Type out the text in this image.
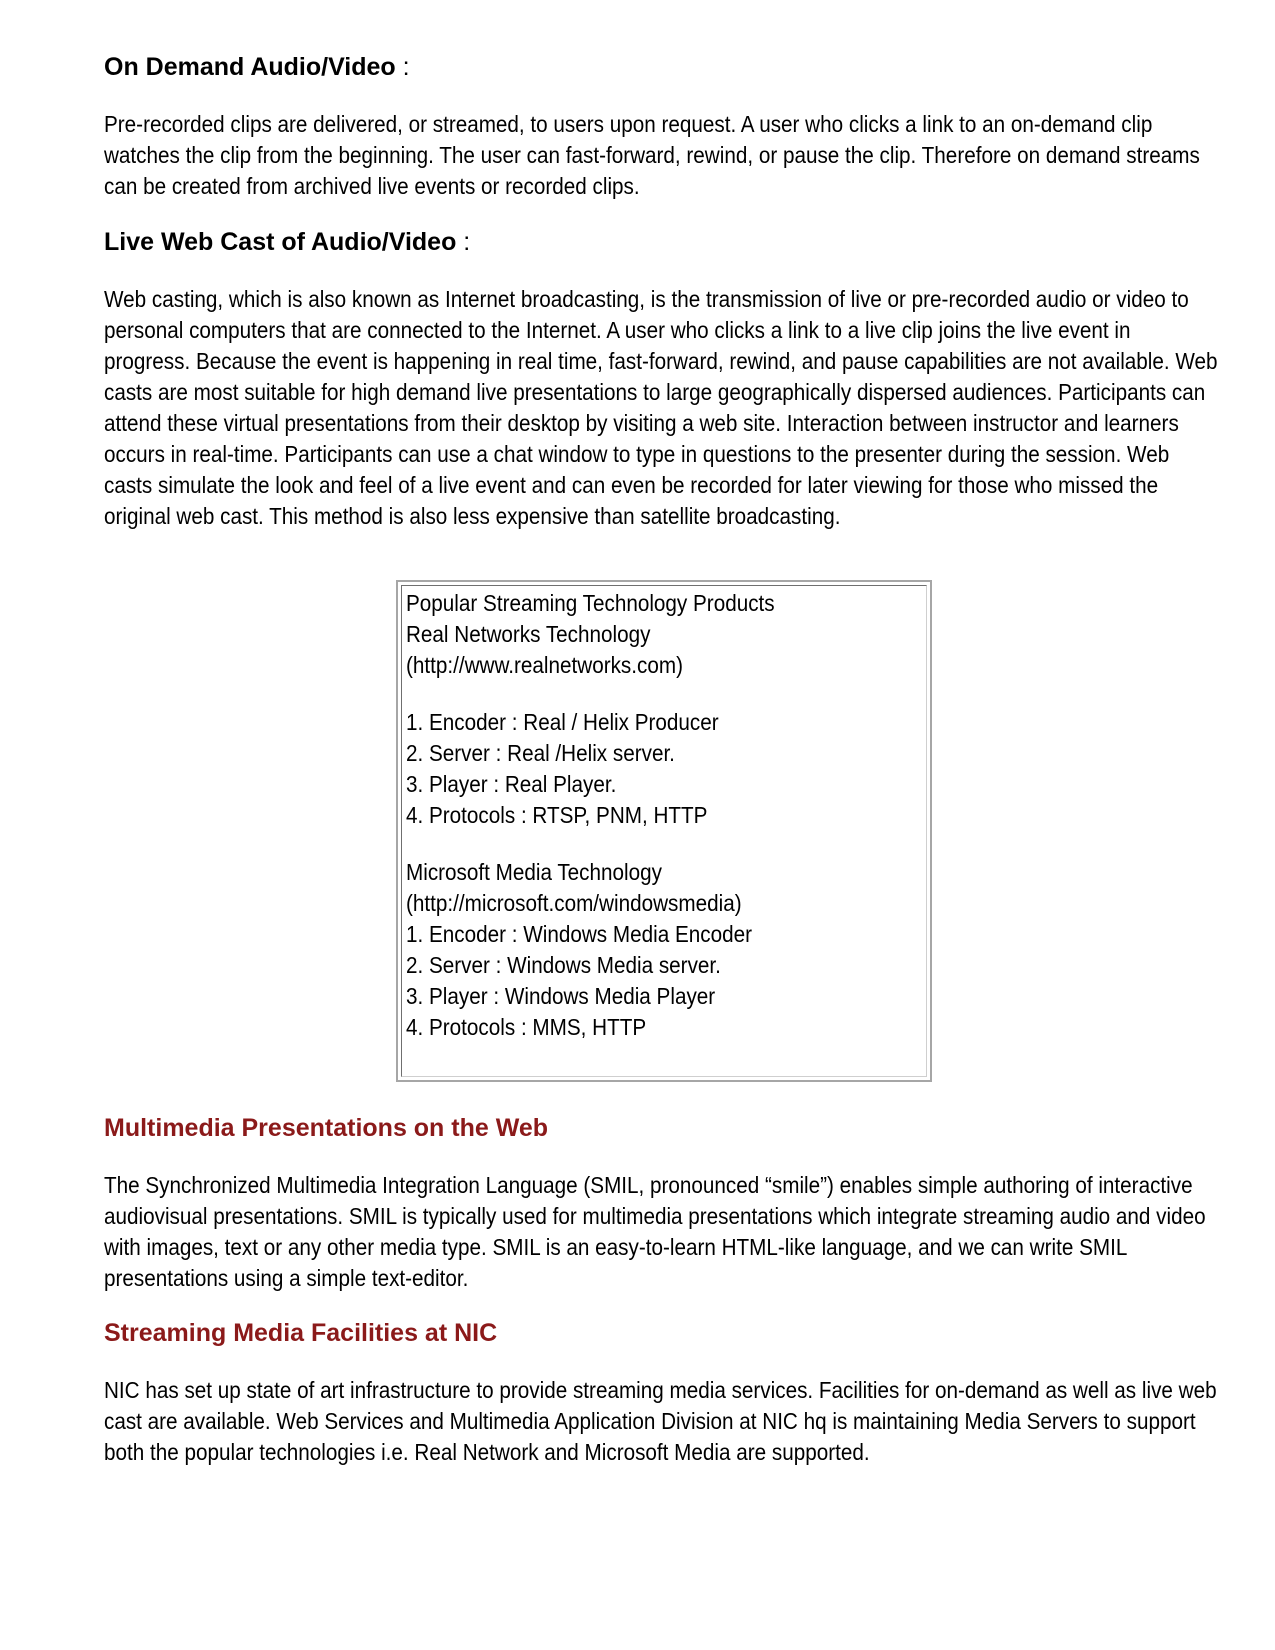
On Demand Audio/Video :

Pre-recorded clips are delivered, or streamed, to users upon request. A user who clicks a link to an on-demand clip watches the clip from the beginning. The user can fast-forward, rewind, or pause the clip. Therefore on demand streams can be created from archived live events or recorded clips.

Live Web Cast of Audio/Video :

Web casting, which is also known as Internet broadcasting, is the transmission of live or pre-recorded audio or video to personal computers that are connected to the Internet. A user who clicks a link to a live clip joins the live event in progress. Because the event is happening in real time, fast-forward, rewind, and pause capabilities are not available. Web casts are most suitable for high demand live presentations to large geographically dispersed audiences. Participants can attend these virtual presentations from their desktop by visiting a web site. Interaction between instructor and learners occurs in real-time. Participants can use a chat window to type in questions to the presenter during the session. Web casts simulate the look and feel of a live event and can even be recorded for later viewing for those who missed the original web cast. This method is also less expensive than satellite broadcasting.

Popular Streaming Technology Products
Real Networks Technology
(http://www.realnetworks.com)
1. Encoder : Real / Helix Producer
2. Server : Real /Helix server.
3. Player : Real Player.
4. Protocols : RTSP, PNM, HTTP
Microsoft Media Technology
(http://microsoft.com/windowsmedia)
1. Encoder : Windows Media Encoder
2. Server : Windows Media server.
3. Player : Windows Media Player
4. Protocols : MMS, HTTP
Multimedia Presentations on the Web

The Synchronized Multimedia Integration Language (SMIL, pronounced “smile”) enables simple authoring of interactive audiovisual presentations. SMIL is typically used for multimedia presentations which integrate streaming audio and video with images, text or any other media type. SMIL is an easy-to-learn HTML-like language, and we can write SMIL presentations using a simple text-editor.

Streaming Media Facilities at NIC

NIC has set up state of art infrastructure to provide streaming media services. Facilities for on-demand as well as live web cast are available. Web Services and Multimedia Application Division at NIC hq is maintaining Media Servers to support both the popular technologies i.e. Real Network and Microsoft Media are supported.
